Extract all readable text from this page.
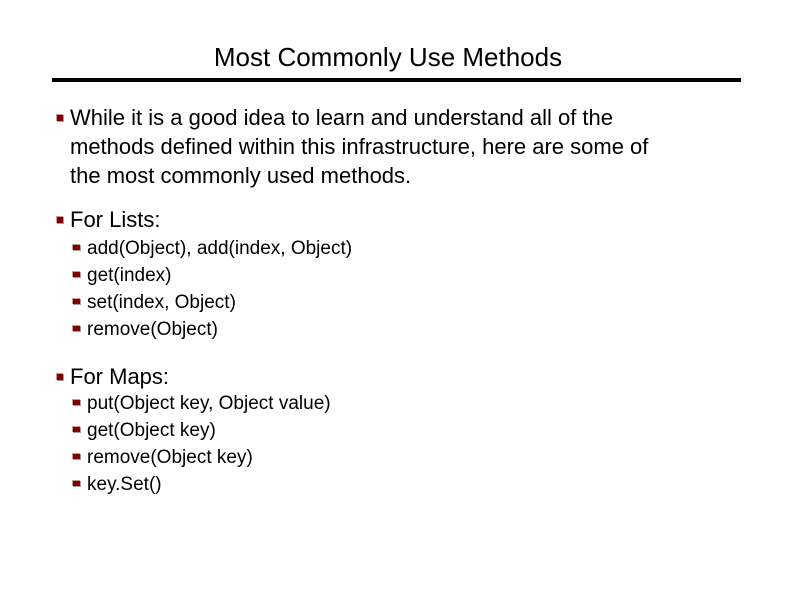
Most Commonly Use Methods
While it is a good idea to learn and understand all of the
methods defined within this infrastructure, here are some of
the most commonly used methods.
For Lists:
add(Object), add(index, Object)
get(index)
set(index, Object)
remove(Object)
For Maps:
put(Object key, Object value)
get(Object key)
remove(Object key)
key.Set()
